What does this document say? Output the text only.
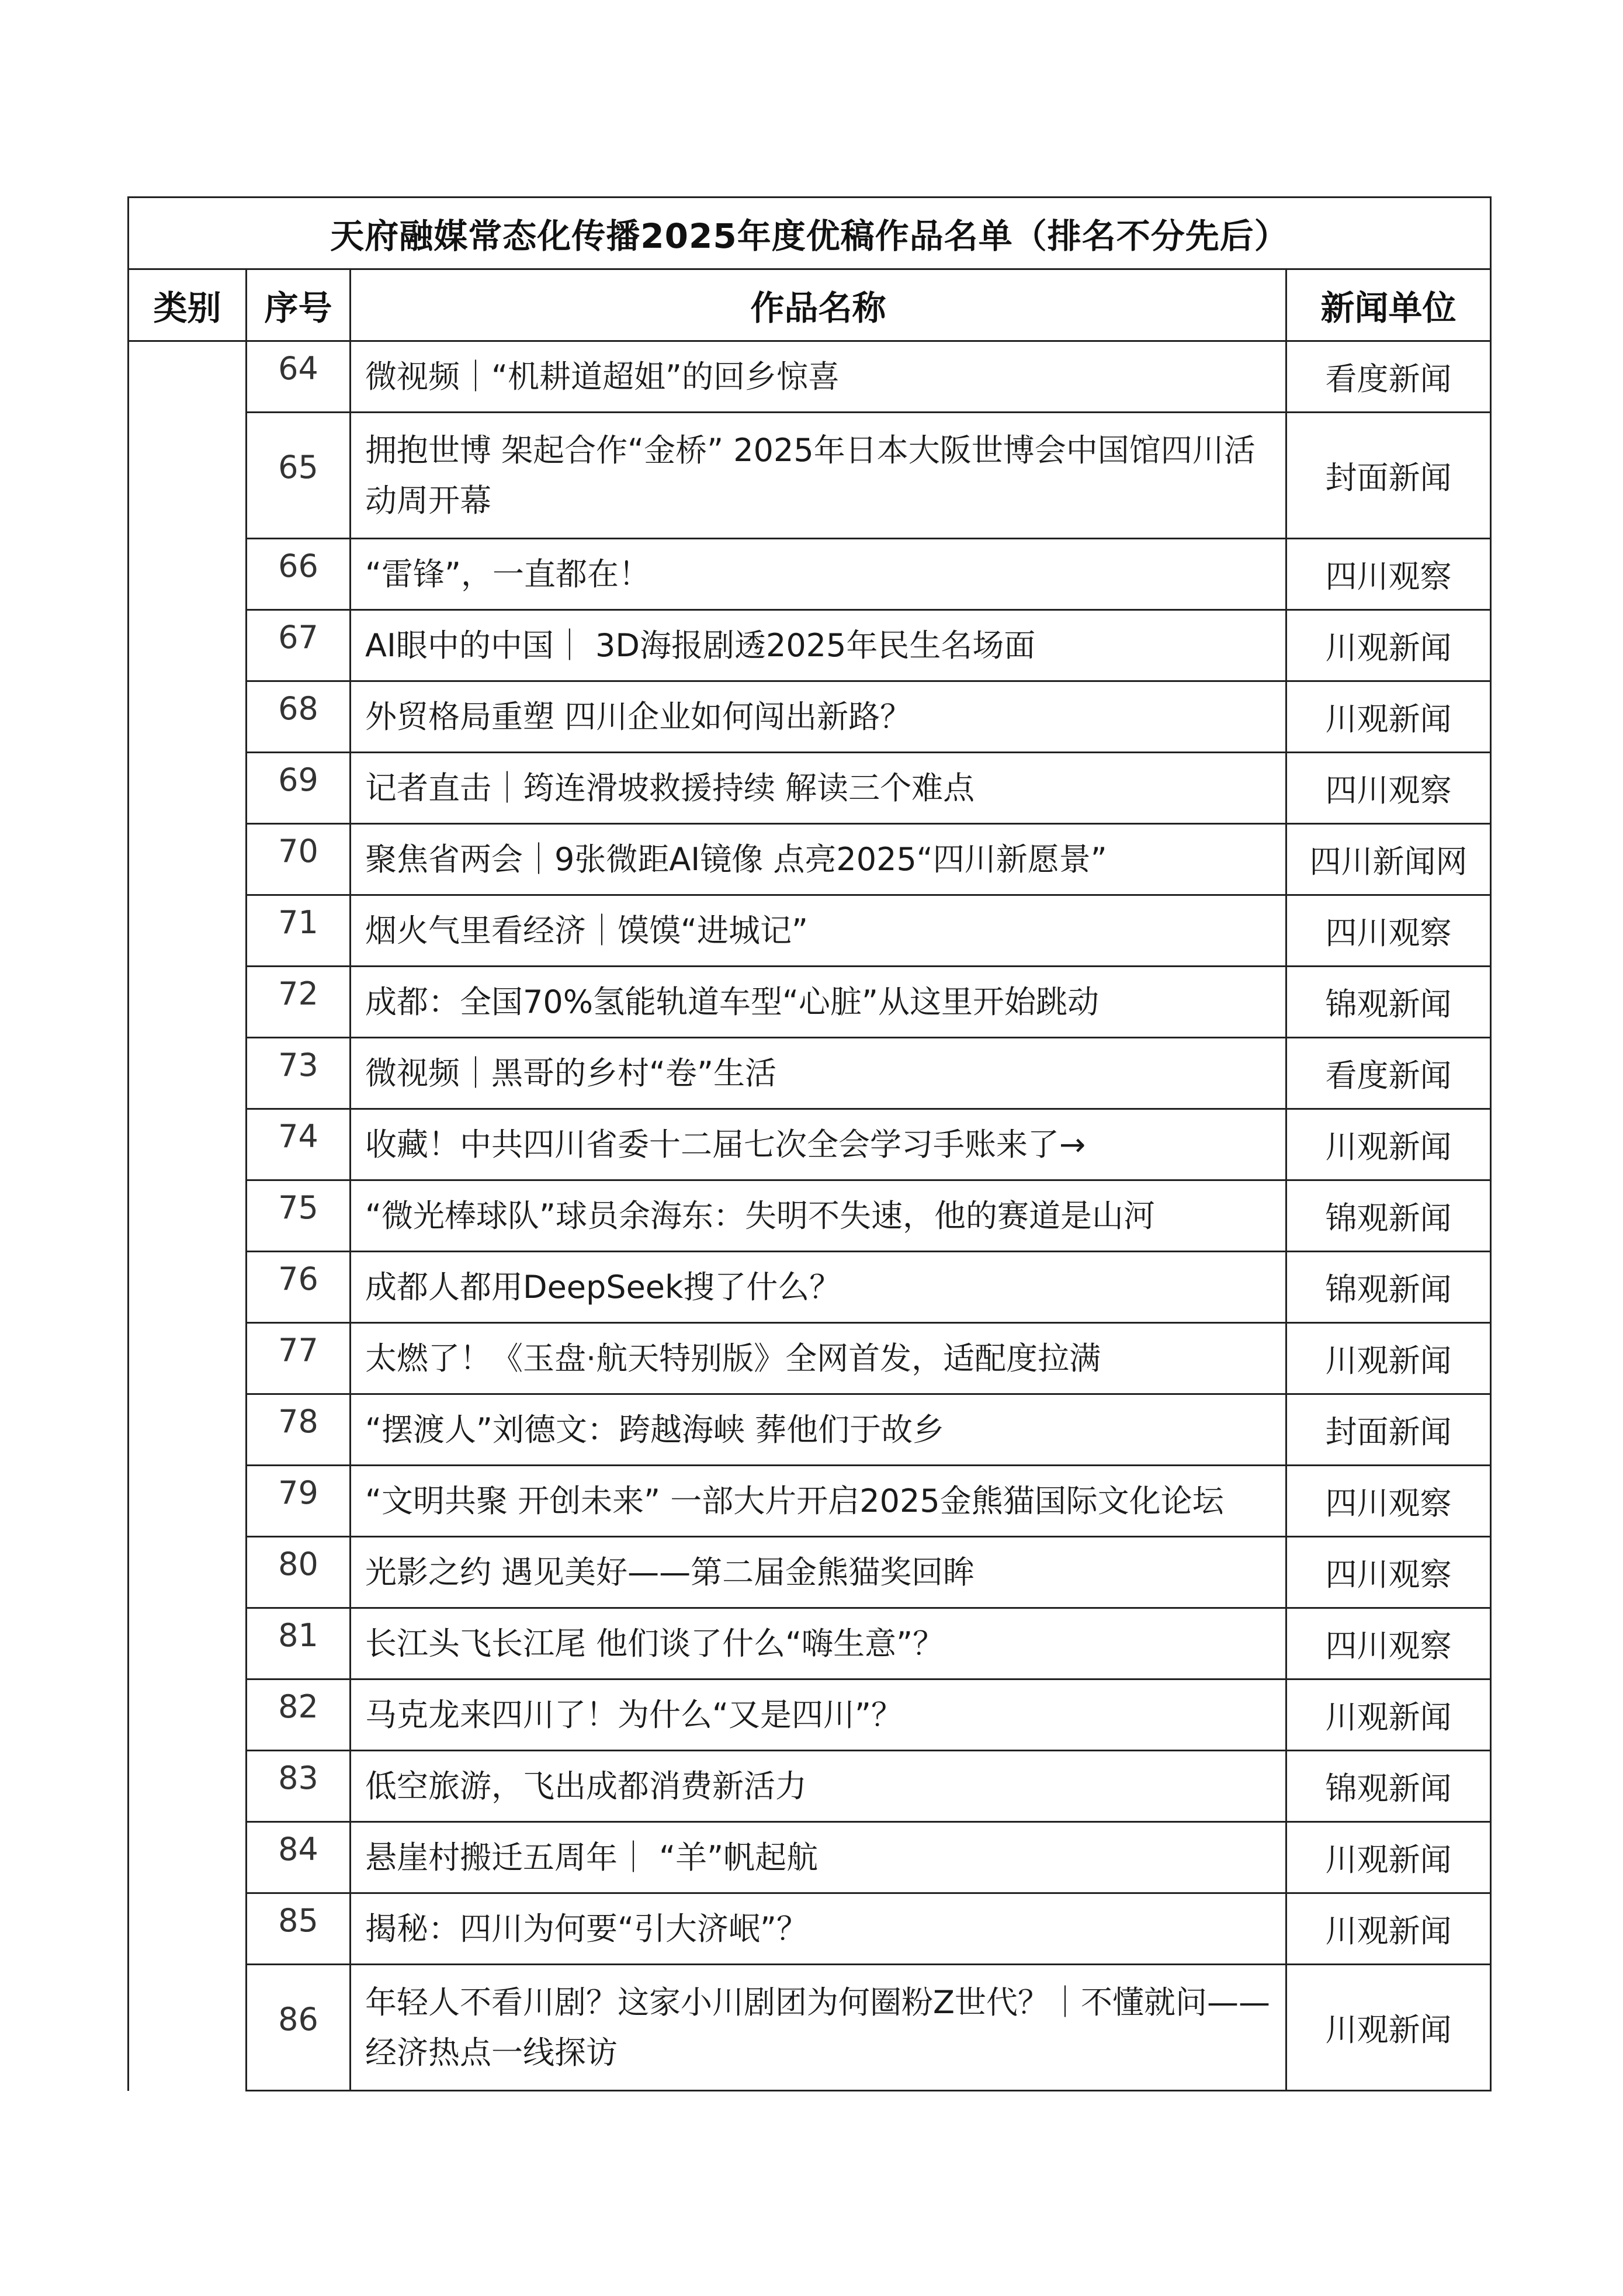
天府融媒常态化传播2025年度优稿作品名单（排名不分先后）			
类别	序号	作品名称	新闻单位
	64	微视频｜“机耕道超姐”的回乡惊喜	看度新闻
	65	拥抱世博 架起合作“金桥” 2025年日本大阪世博会中国馆四川活动周开幕	封面新闻
	66	“雷锋”，一直都在！	四川观察
	67	AI眼中的中国｜ 3D海报剧透2025年民生名场面	川观新闻
	68	外贸格局重塑 四川企业如何闯出新路？	川观新闻
	69	记者直击｜筠连滑坡救援持续 解读三个难点	四川观察
	70	聚焦省两会｜9张微距AI镜像 点亮2025“四川新愿景”	四川新闻网
	71	烟火气里看经济｜馍馍“进城记”	四川观察
	72	成都：全国70%氢能轨道车型“心脏”从这里开始跳动	锦观新闻
	73	微视频｜黑哥的乡村“卷”生活	看度新闻
	74	收藏！中共四川省委十二届七次全会学习手账来了→	川观新闻
	75	“微光棒球队”球员余海东：失明不失速，他的赛道是山河	锦观新闻
	76	成都人都用DeepSeek搜了什么？	锦观新闻
	77	太燃了！《玉盘·航天特别版》全网首发，适配度拉满	川观新闻
	78	“摆渡人”刘德文：跨越海峡 葬他们于故乡	封面新闻
	79	“文明共聚 开创未来” 一部大片开启2025金熊猫国际文化论坛	四川观察
	80	光影之约 遇见美好——第二届金熊猫奖回眸	四川观察
	81	长江头飞长江尾 他们谈了什么“嗨生意”？	四川观察
	82	马克龙来四川了！为什么“又是四川”？	川观新闻
	83	低空旅游，飞出成都消费新活力	锦观新闻
	84	悬崖村搬迁五周年｜ “羊”帆起航	川观新闻
	85	揭秘：四川为何要“引大济岷”？	川观新闻
	86	年轻人不看川剧？这家小川剧团为何圈粉Z世代？｜不懂就问——经济热点一线探访	川观新闻
